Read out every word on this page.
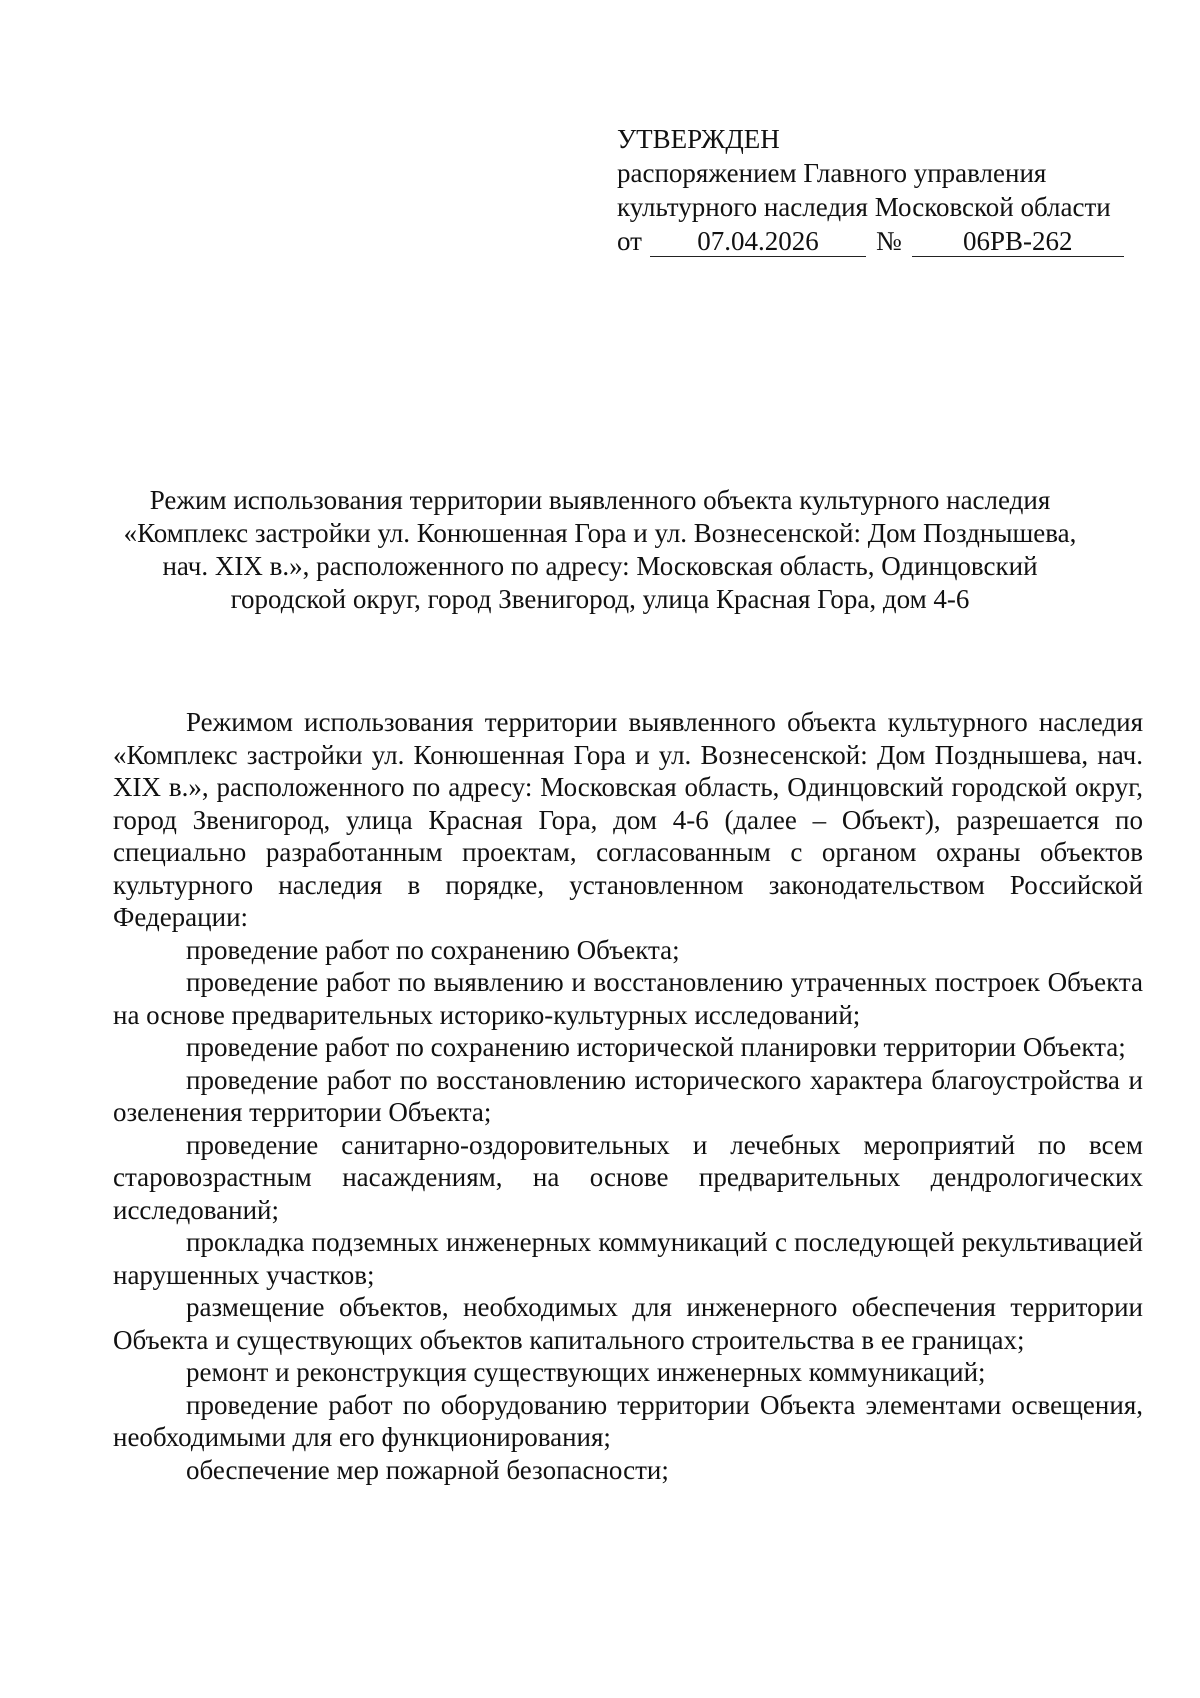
УТВЕРЖДЕН
распоряжением Главного управления
культурного наследия Московской области
от 07.04.2026 № 06РВ-262
Режим использования территории выявленного объекта культурного наследия
«Комплекс застройки ул. Конюшенная Гора и ул. Вознесенской: Дом Позднышева,
нач. XIX в.», расположенного по адресу: Московская область, Одинцовский
городской округ, город Звенигород, улица Красная Гора, дом 4-6

Режимом использования территории выявленного объекта культурного наследия «Комплекс застройки ул. Конюшенная Гора и ул. Вознесенской: Дом Позднышева, нач. XIX в.», расположенного по адресу: Московская область, Одинцовский городской округ, город Звенигород, улица Красная Гора, дом 4-6 (далее – Объект), разрешается по специально разработанным проектам, согласованным с органом охраны объектов культурного наследия в порядке, установленном законодательством Российской Федерации:

проведение работ по сохранению Объекта;

проведение работ по выявлению и восстановлению утраченных построек Объекта на основе предварительных историко-культурных исследований;

проведение работ по сохранению исторической планировки территории Объекта;

проведение работ по восстановлению исторического характера благоустройства и озеленения территории Объекта;

проведение санитарно-оздоровительных и лечебных мероприятий по всем старовозрастным насаждениям, на основе предварительных дендрологических исследований;

прокладка подземных инженерных коммуникаций с последующей рекультивацией нарушенных участков;

размещение объектов, необходимых для инженерного обеспечения территории Объекта и существующих объектов капитального строительства в ее границах;

ремонт и реконструкция существующих инженерных коммуникаций;

проведение работ по оборудованию территории Объекта элементами освещения, необходимыми для его функционирования;

обеспечение мер пожарной безопасности;
